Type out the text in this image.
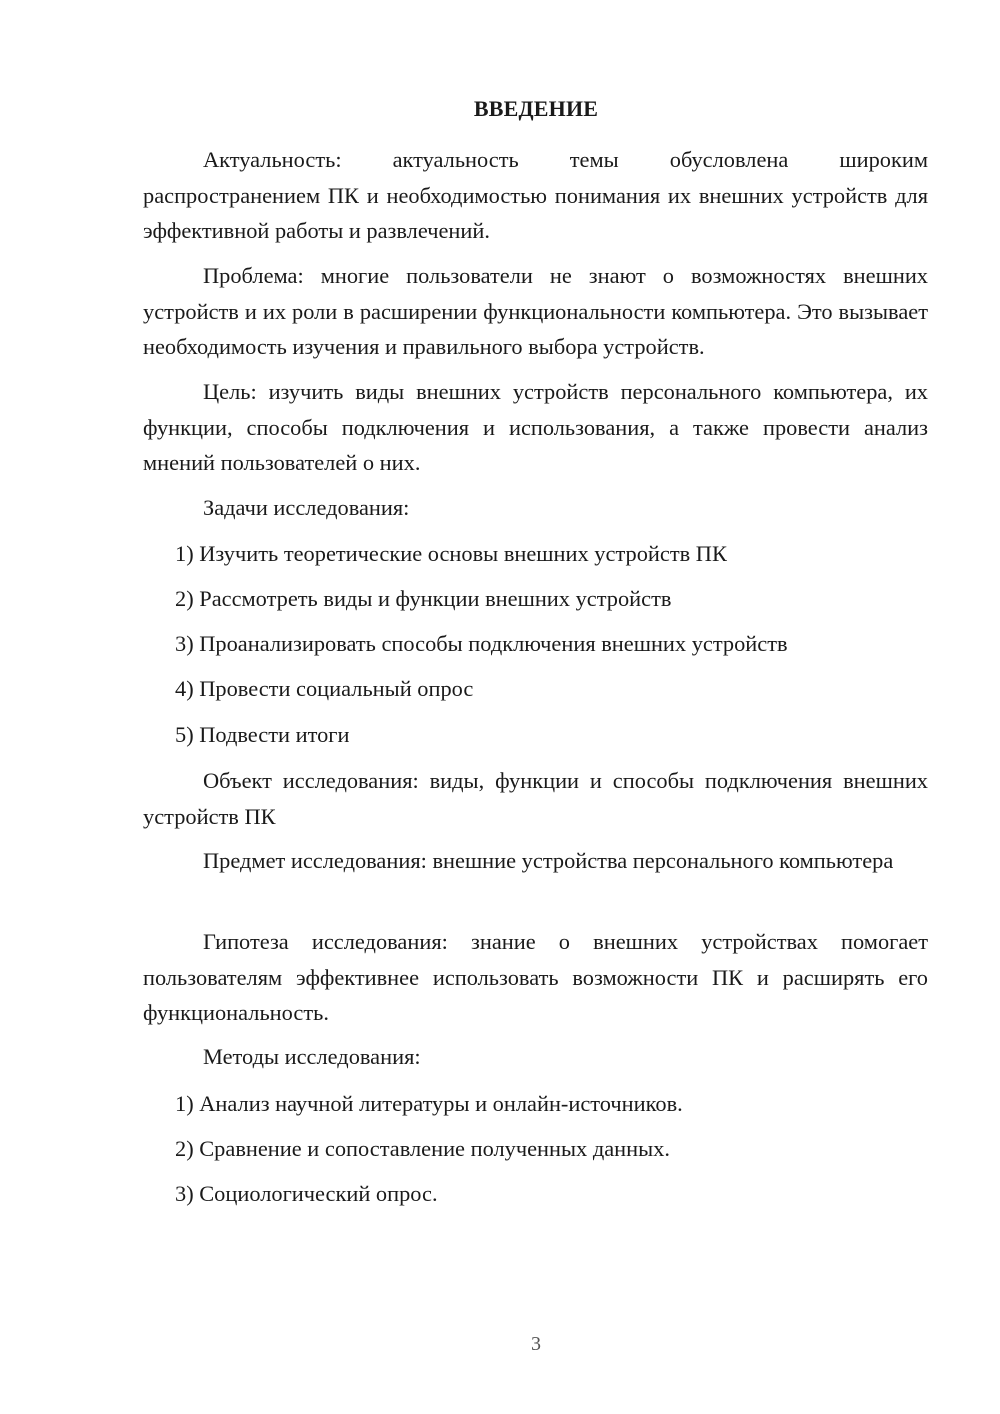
ВВЕДЕНИЕ

Актуальность: актуальность темы обусловлена широким распространением ПК и необходимостью понимания их внешних устройств для эффективной работы и развлечений.

Проблема: многие пользователи не знают о возможностях внешних устройств и их роли в расширении функциональности компьютера. Это вызывает необходимость изучения и правильного выбора устройств.

Цель: изучить виды внешних устройств персонального компьютера, их функции, способы подключения и использования, а также провести анализ мнений пользователей о них.

Задачи исследования:
1) Изучить теоретические основы внешних устройств ПК
2) Рассмотреть виды и функции внешних устройств
3) Проанализировать способы подключения внешних устройств
4) Провести социальный опрос
5) Подвести итоги

Объект исследования: виды, функции и способы подключения внешних устройств ПК

Предмет исследования: внешние устройства персонального компьютера

Гипотеза исследования: знание о внешних устройствах помогает пользователям эффективнее использовать возможности ПК и расширять его функциональность.

Методы исследования:
1) Анализ научной литературы и онлайн-источников.
2) Сравнение и сопоставление полученных данных.
3) Социологический опрос.
3
